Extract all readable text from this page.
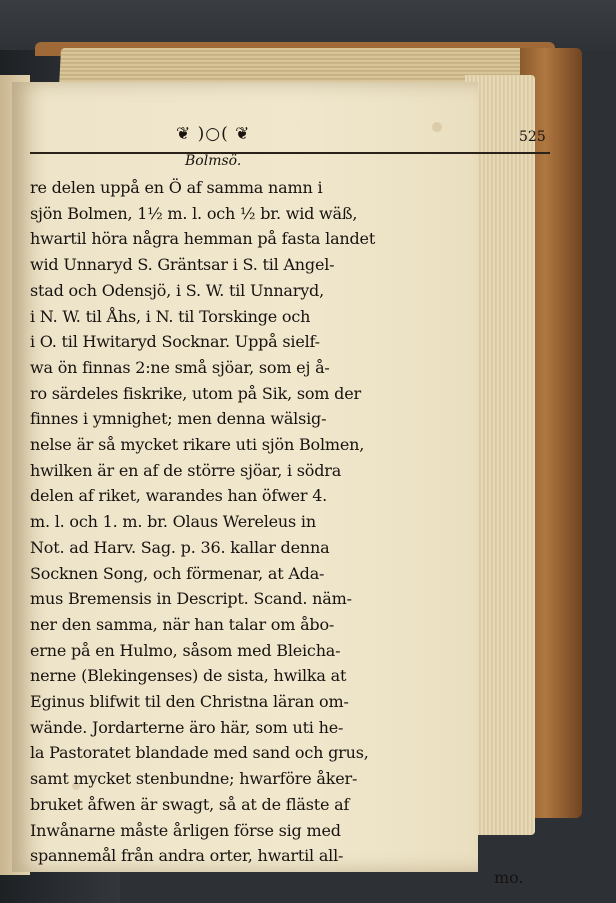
❦ )○( ❦	525
Bolmsö.
re delen uppå en Ö af samma namn i
sjön Bolmen, 1½ m. l. och ½ br. wid wäß,
hwartil höra några hemman på fasta landet
wid Unnaryd S. Gräntsar i S. til Angel-
stad och Odensjö, i S. W. til Unnaryd,
i N. W. til Åhs, i N. til Torskinge och
i O. til Hwitaryd Socknar. Uppå sielf-
wa ön finnas 2:ne små sjöar, som ej å-
ro särdeles fiskrike, utom på Sik, som der
finnes i ymnighet; men denna wälsig-
nelse är så mycket rikare uti sjön Bolmen,
hwilken är en af de större sjöar, i södra
delen af riket, warandes han öfwer 4.
m. l. och 1. m. br. Olaus Wereleus in
Not. ad Harv. Sag. p. 36. kallar denna
Socknen Song, och förmenar, at Ada-
mus Bremensis in Descript. Scand. näm-
ner den samma, när han talar om åbo-
erne på en Hulmo, såsom med Bleicha-
nerne (Blekingenses) de sista, hwilka at
Eginus blifwit til den Christna läran om-
wände. Jordarterne äro här, som uti he-
la Pastoratet blandade med sand och grus,
samt mycket stenbundne; hwarföre åker-
bruket åfwen är swagt, så at de fläste af
Inwånarne måste årligen förse sig med
spannemål från andra orter, hwartil all-
mo.
